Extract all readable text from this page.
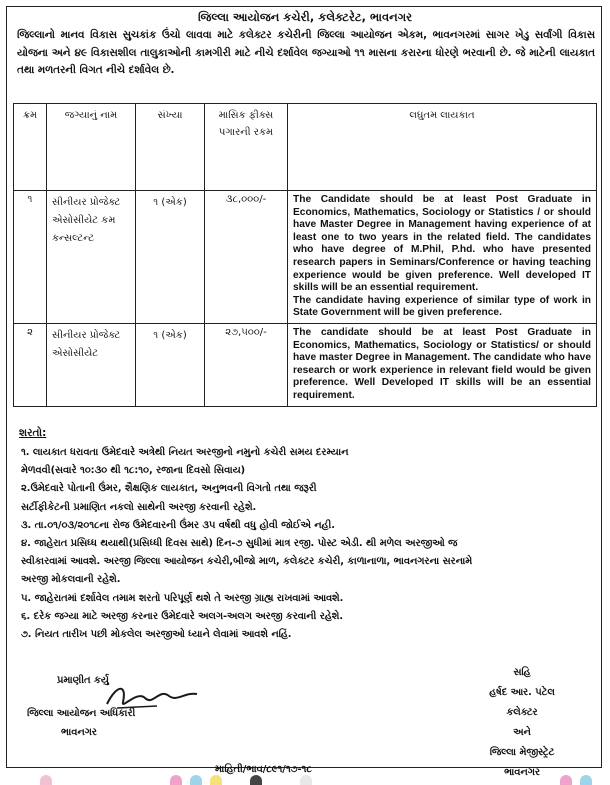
જિલ્લા આયોજન કચેરી, કલેક્ટરેટ, ભાવનગર
જિલ્લાનો માનવ વિકાસ સુચકાંક ઉંચો લાવવા માટે કલેક્ટર કચેરીની જિલ્લા આયોજન એકમ, ભાવનગરમાં સાગર ખેડુ સર્વાંગી વિકાસ યોજના અને ૪૯ વિકાસશીલ તાલુકાઓની કામગીરી માટે નીચે દર્શાવેલ જગ્યાઓ ૧૧ માસના કરારના ધોરણે ભરવાની છે. જે માટેની લાયકાત તથા મળતરની વિગત નીચે દર્શાવેલ છે.
ક્રમ	જગ્યાનું નામ	સંખ્યા	માસિક ફીક્સ પગારની રકમ	લઘુતમ લાયકાત
૧	સીનીયર પ્રોજેક્ટ એસોસીયેટ કમ કન્સલ્ટન્ટ	૧ (એક)	૩૮,૦૦૦/-	The Candidate should be at least Post Graduate in Economics, Mathematics, Sociology or Statistics / or should have Master Degree in Management having experience of at least one to two years in the related field. The candidates who have degree of M.Phil, P.hd. who have presented research papers in Seminars/Conference or having teaching experience would be given preference. Well developed IT skills will be an essential requirement.
The candidate having experience of similar type of work in State Government will be given preference.

૨	સીનીયર પ્રોજેક્ટ એસોસીયેટ	૧ (એક)	૨૭,૫૦૦/-	The candidate should be at least Post Graduate in Economics, Mathematics, Sociology or Statistics/ or should have master Degree in Management. The candidate who have research or work experience in relevant field would be given preference. Well Developed IT skills will be an essential requirement.
શરતો:

૧. લાયકાત ધરાવતા ઉમેદવારે અત્રેથી નિયત અરજીનો નમુનો કચેરી સમય દરમ્યાન

મેળવવી(સવારે ૧૦:૩૦ થી ૧૮:૧૦, રજાના દિવસો સિવાય)

૨.ઉમેદવારે પોતાની ઉંમર, શૈક્ષણિક લાયકાત, અનુભવની વિગતો તથા જરૂરી

સર્ટીફીકેટની પ્રમાણિત નકલો સાથેની અરજી કરવાની રહેશે.

૩. તા.૦૧/૦૩/૨૦૧૮ના રોજ ઉમેદવારની ઉંમર ૩૫ વર્ષથી વધુ હોવી જોઈએ નહી.

૪. જાહેરાત પ્રસિધ્ધ થયાથી(પ્રસિધ્ધી દિવસ સાથે) દિન-૭ સુધીમાં માત્ર રજી. પોસ્ટ એડી. થી મળેલ અરજીઓ જ

સ્વીકારવામાં આવશે. અરજી જિલ્લા આયોજન કચેરી,બીજો માળ, કલેક્ટર કચેરી, કાળાનાળા, ભાવનગરના સરનામે

અરજી મોકલવાની રહેશે.

૫. જાહેરાતમાં દર્શાવેલ તમામ શરતો પરિપૂર્ણ થશે તે અરજી ગ્રાહ્ય રાખવામાં આવશે.

૬. દરેક જગ્યા માટે અરજી કરનાર ઉમેદવારે અલગ-અલગ અરજી કરવાની રહેશે.

૭. નિયત તારીખ પછી મોકલેલ અરજીઓ ધ્યાને લેવામાં આવશે નહિં.

પ્રમાણીત કર્યુ
જિલ્લા આયોજન અધિકારી
ભાવનગર
સહિ
હર્ષદ આર. પટેલ
કલેક્ટર
અને
જિલ્લા મેજીસ્ટ્રેટ
ભાવનગર
માહિતી/ભાવ/૮૯૧/૧૭-૧૮
